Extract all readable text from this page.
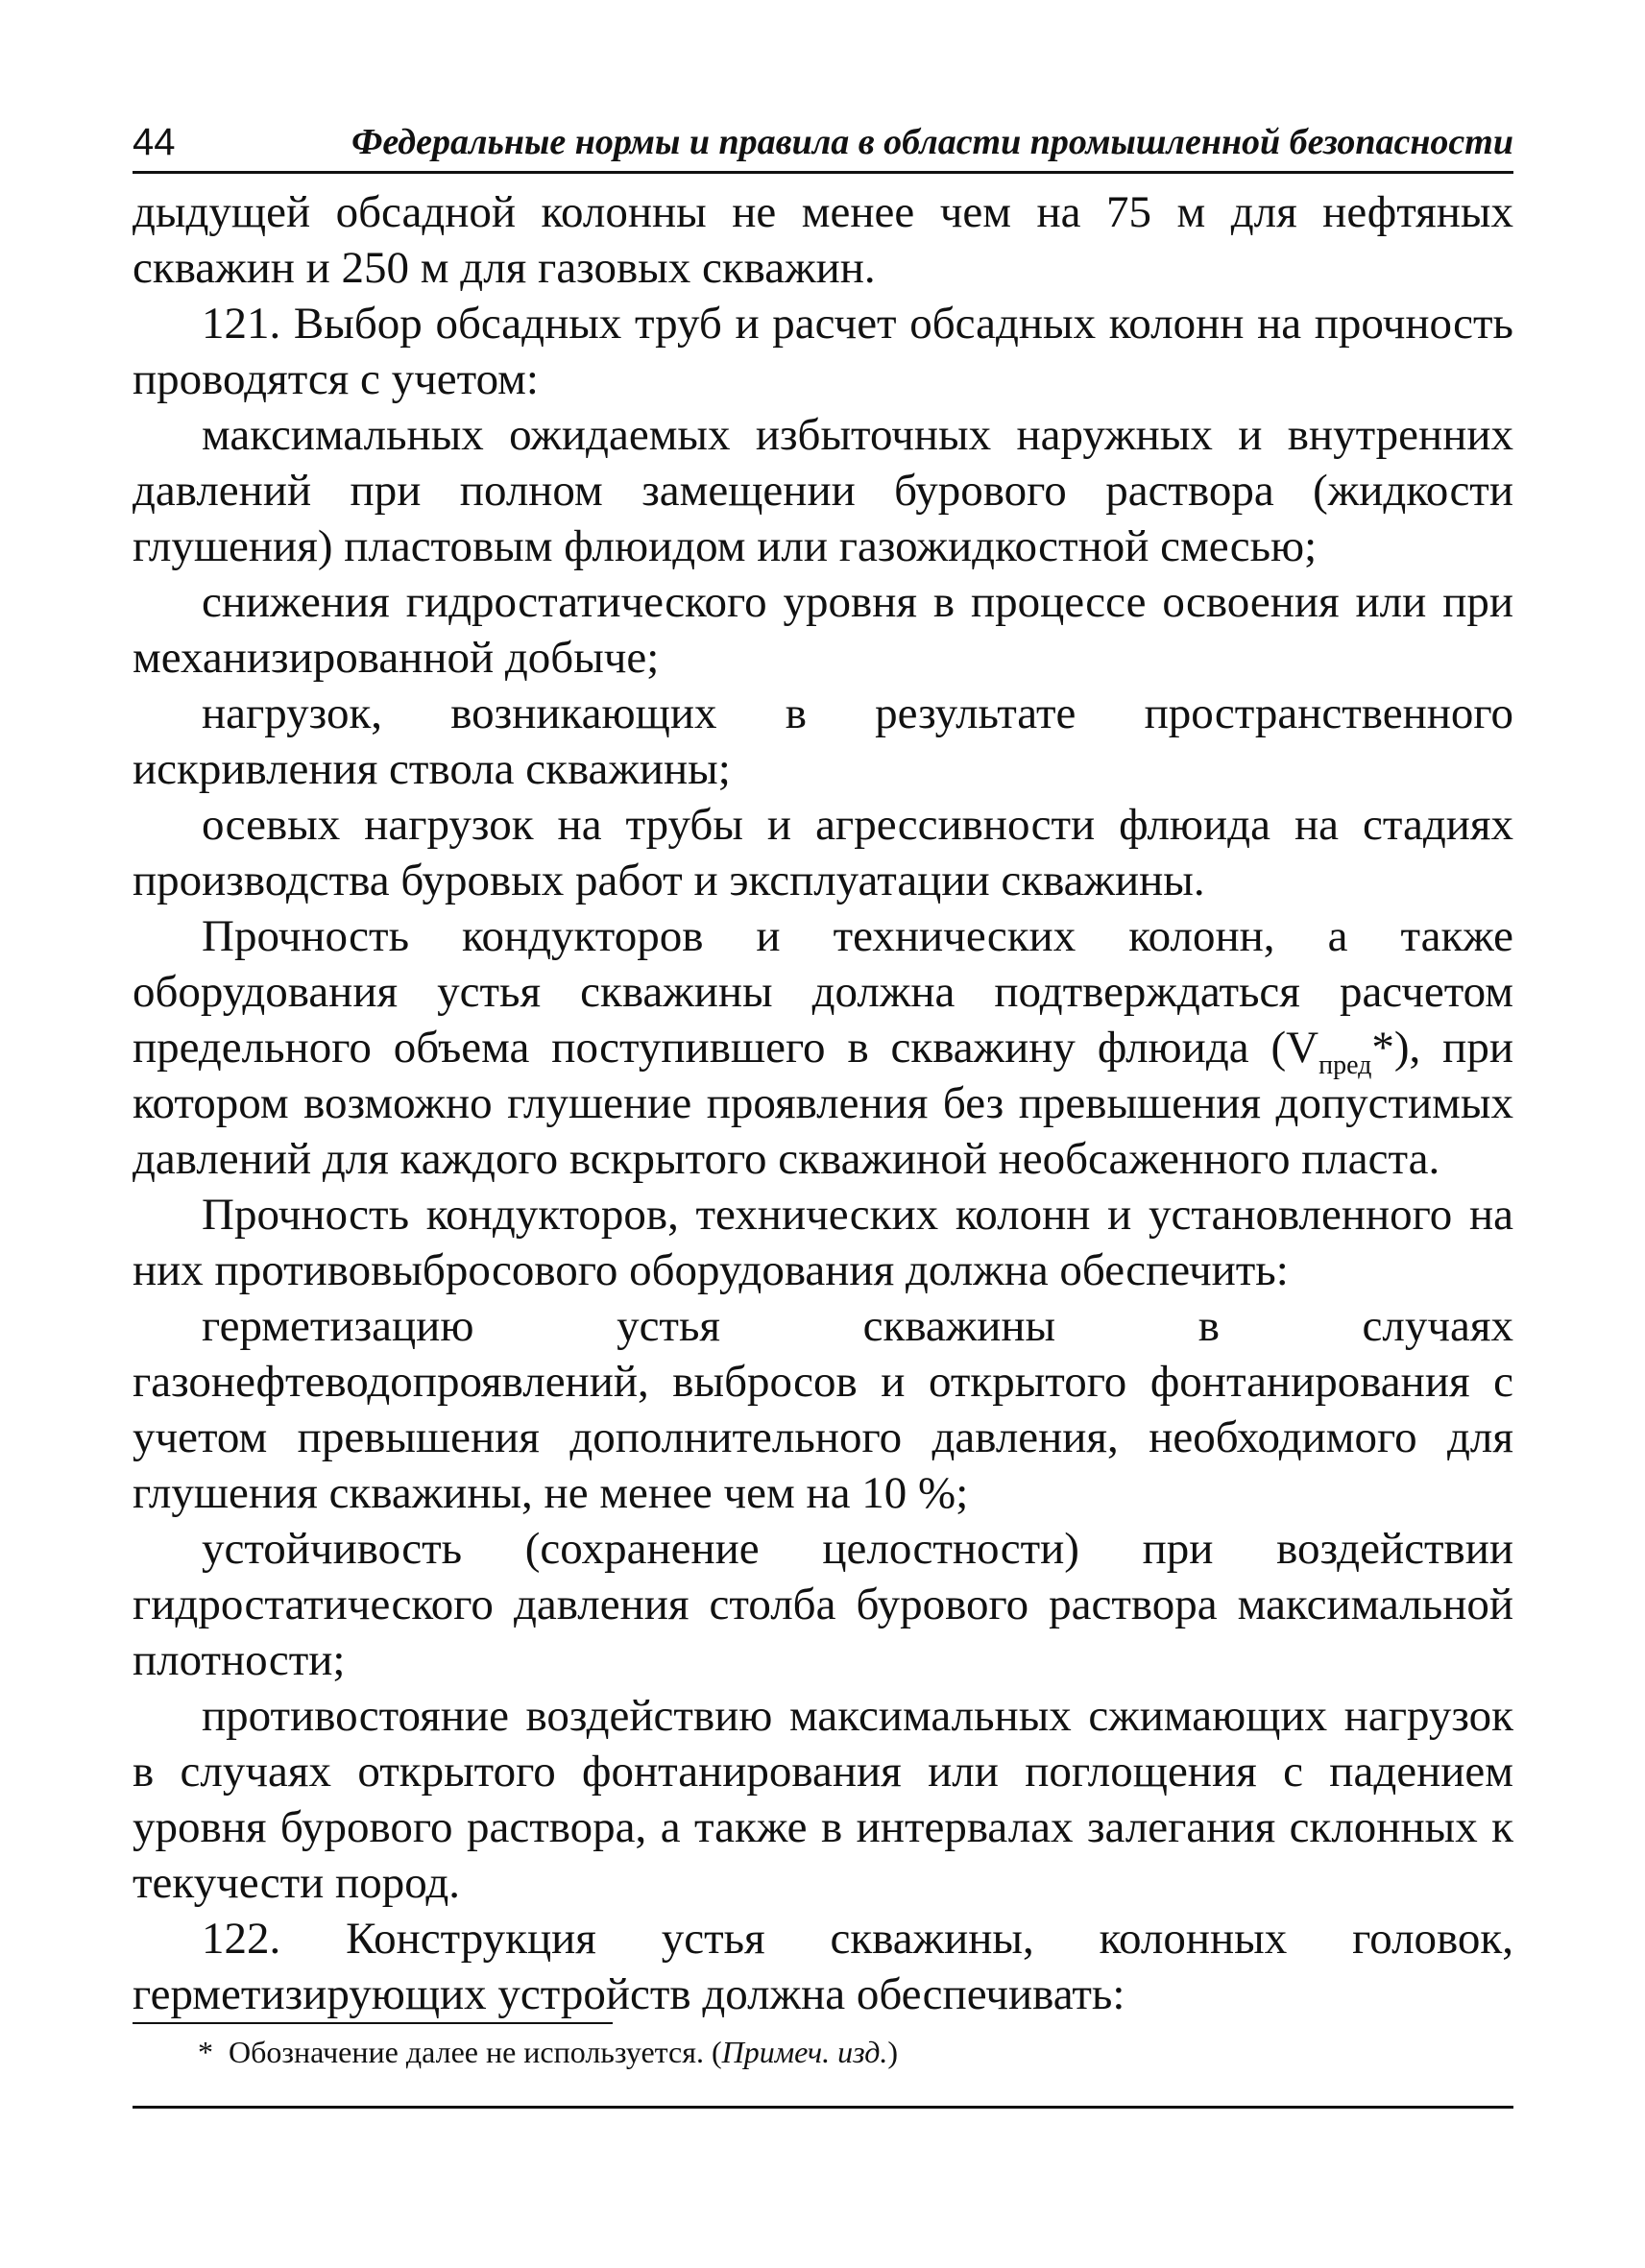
44	Федеральные нормы и правила в области промышленной безопасности

дыдущей обсадной колонны не менее чем на 75 м для нефтяных скважин и 250 м для газовых скважин.

121. Выбор обсадных труб и расчет обсадных колонн на прочность проводятся с учетом:

максимальных ожидаемых избыточных наружных и внутренних давлений при полном замещении бурового раствора (жидкости глушения) пластовым флюидом или газожидкостной смесью;

снижения гидростатического уровня в процессе освоения или при механизированной добыче;

нагрузок, возникающих в результате пространственного искривления ствола скважины;

осевых нагрузок на трубы и агрессивности флюида на стадиях производства буровых работ и эксплуатации скважины.

Прочность кондукторов и технических колонн, а также оборудования устья скважины должна подтверждаться расчетом предельного объема поступившего в скважину флюида $(V_{пред}*)$, при котором возможно глушение проявления без превышения допустимых давлений для каждого вскрытого скважиной необсаженного пласта.

Прочность кондукторов, технических колонн и установленного на них противовыбросового оборудования должна обеспечить:

герметизацию устья скважины в случаях газонефтеводопроявлений, выбросов и открытого фонтанирования с учетом превышения дополнительного давления, необходимого для глушения скважины, не менее чем на 10 %;

устойчивость (сохранение целостности) при воздействии гидростатического давления столба бурового раствора максимальной плотности;

противостояние воздействию максимальных сжимающих нагрузок в случаях открытого фонтанирования или поглощения с падением уровня бурового раствора, а также в интервалах залегания склонных к текучести пород.

122. Конструкция устья скважины, колонных головок, герметизирующих устройств должна обеспечивать:

* Обозначение далее не используется. (Примеч. изд.)
